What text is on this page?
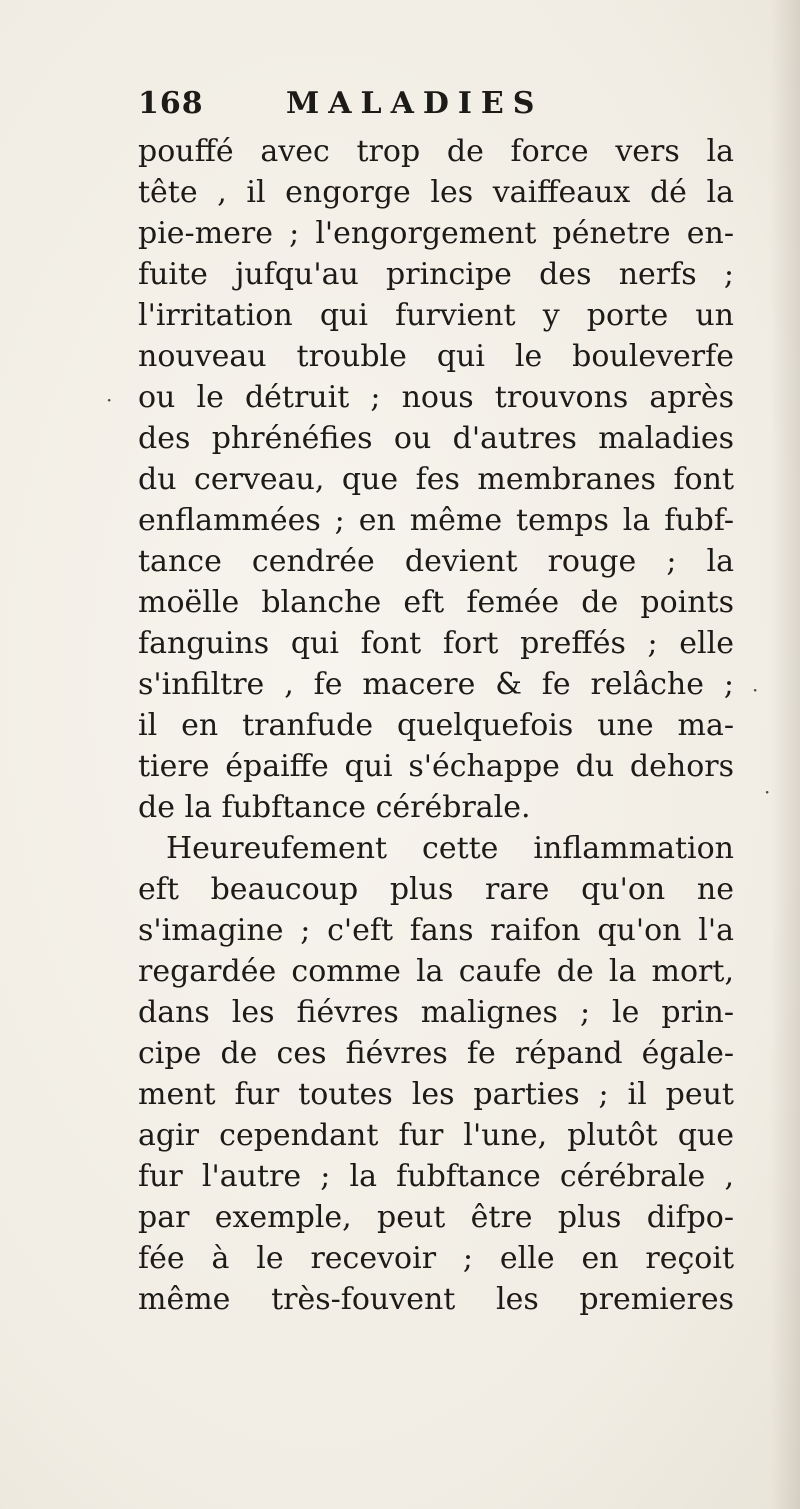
168	MALADIES
pouffé avec trop de force vers la
tête , il engorge les vaiffeaux dé la
pie-mere ; l'engorgement pénetre en-
fuite jufqu'au principe des nerfs ;
l'irritation qui furvient y porte un
nouveau trouble qui le bouleverfe
ou le détruit ; nous trouvons après
des phrénéfies ou d'autres maladies
du cerveau, que fes membranes font
enflammées ; en même temps la fubf-
tance cendrée devient rouge ; la
moëlle blanche eft femée de points
fanguins qui font fort preffés ; elle
s'infiltre , fe macere & fe relâche ;
il en tranfude quelquefois une ma-
tiere épaiffe qui s'échappe du dehors
de la fubftance cérébrale.
Heureufement cette inflammation
eft beaucoup plus rare qu'on ne
s'imagine ; c'eft fans raifon qu'on l'a
regardée comme la caufe de la mort,
dans les fiévres malignes ; le prin-
cipe de ces fiévres fe répand égale-
ment fur toutes les parties ; il peut
agir cependant fur l'une, plutôt que
fur l'autre ; la fubftance cérébrale ,
par exemple, peut être plus difpo-
fée à le recevoir ; elle en reçoit
même très-fouvent les premieres
·
·
·
